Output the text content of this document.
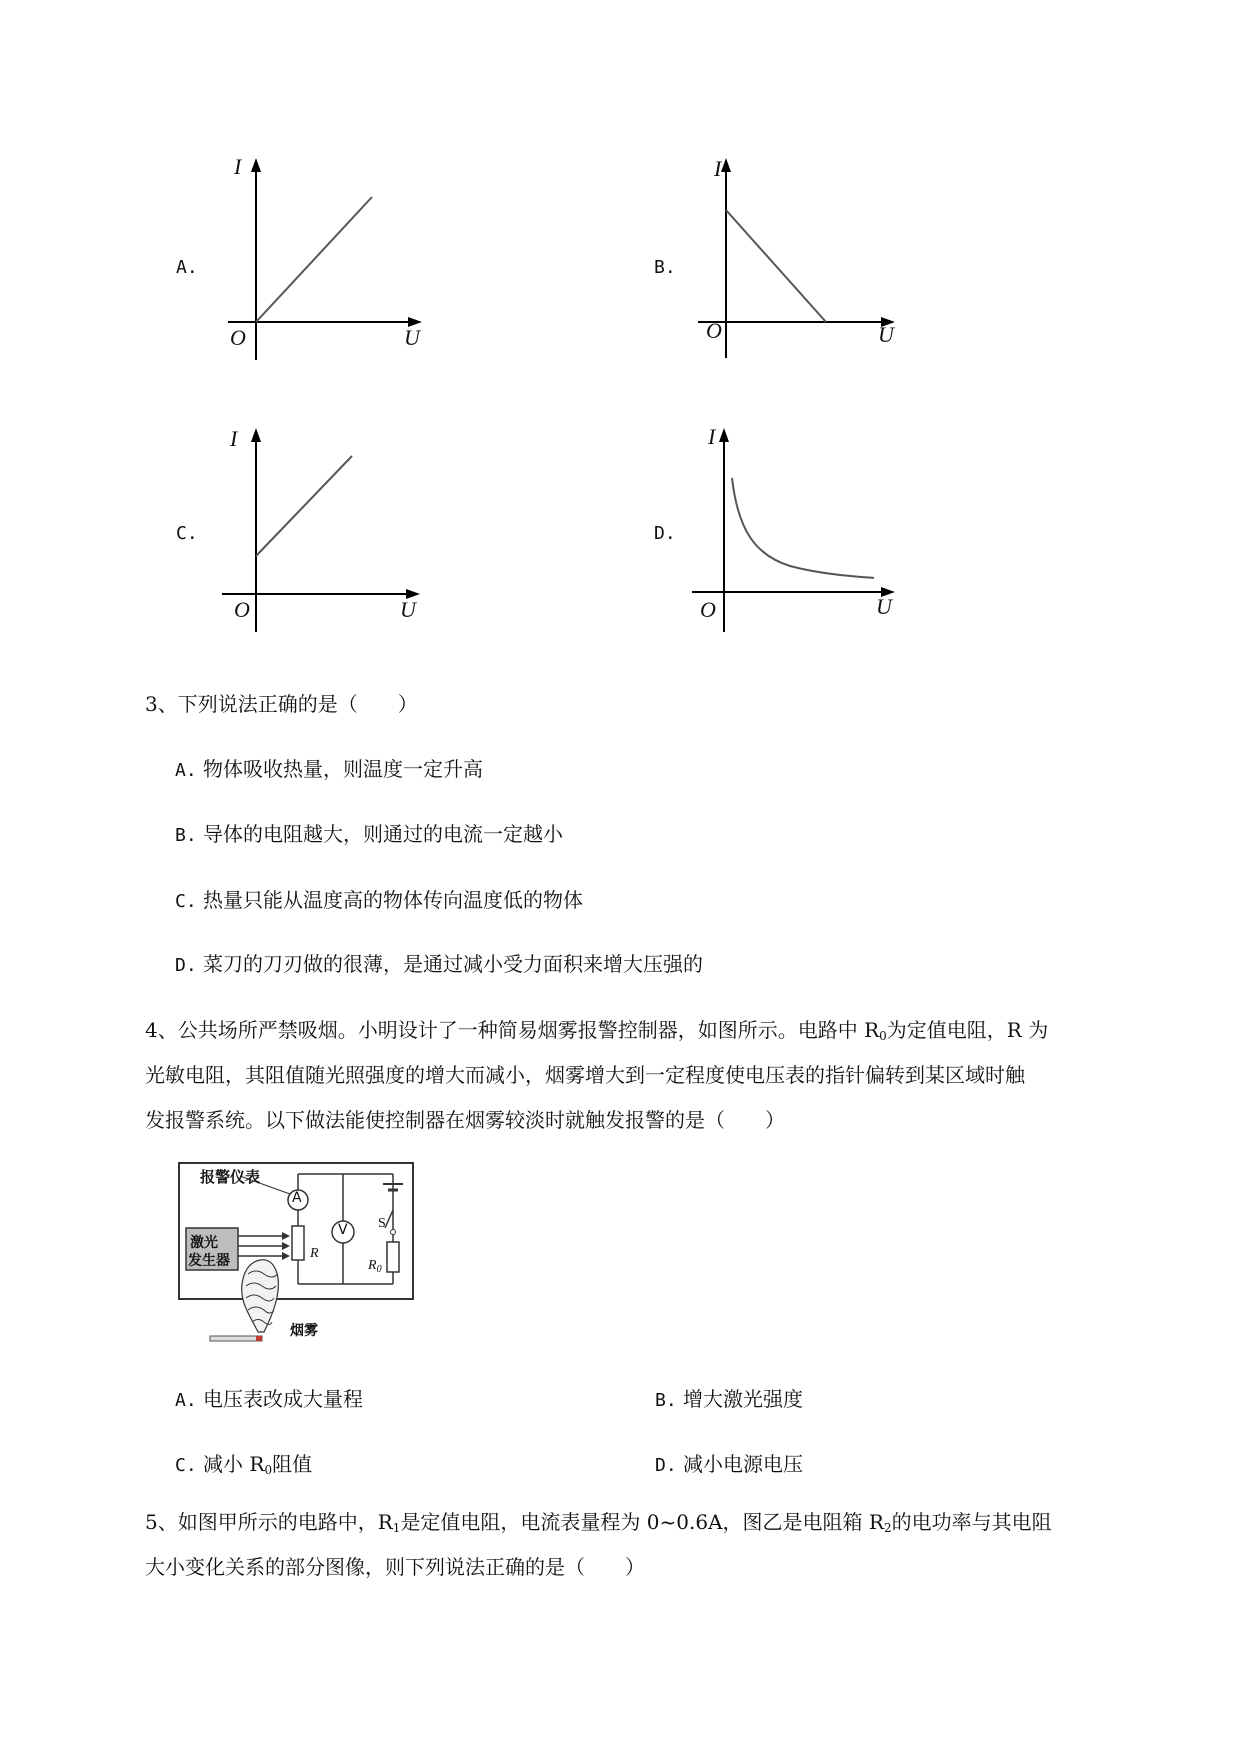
A.
I
O	U
B.
I
O	U
C.
I
O	U
D.
I
O	U
3、下列说法正确的是（　　）
A. 物体吸收热量，则温度一定升高
B. 导体的电阻越大，则通过的电流一定越小
C. 热量只能从温度高的物体传向温度低的物体
D. 菜刀的刀刃做的很薄，是通过减小受力面积来增大压强的
4、公共场所严禁吸烟。小明设计了一种简易烟雾报警控制器，如图所示。电路中 $R_0$为定值电阻，R 为
光敏电阻，其阻值随光照强度的增大而减小，烟雾增大到一定程度使电压表的指针偏转到某区域时触
发报警系统。以下做法能使控制器在烟雾较淡时就触发报警的是（　　）
报警仪表
A
V
激光
发生器	R
S
$R_0$
烟雾
A. 电压表改成大量程	B. 增大激光强度
C. 减小 $R_0$阻值	D. 减小电源电压
5、如图甲所示的电路中，$R_1$是定值电阻，电流表量程为 0~0.6A，图乙是电阻箱 $R_2$的电功率与其电阻
大小变化关系的部分图像，则下列说法正确的是（　　）
